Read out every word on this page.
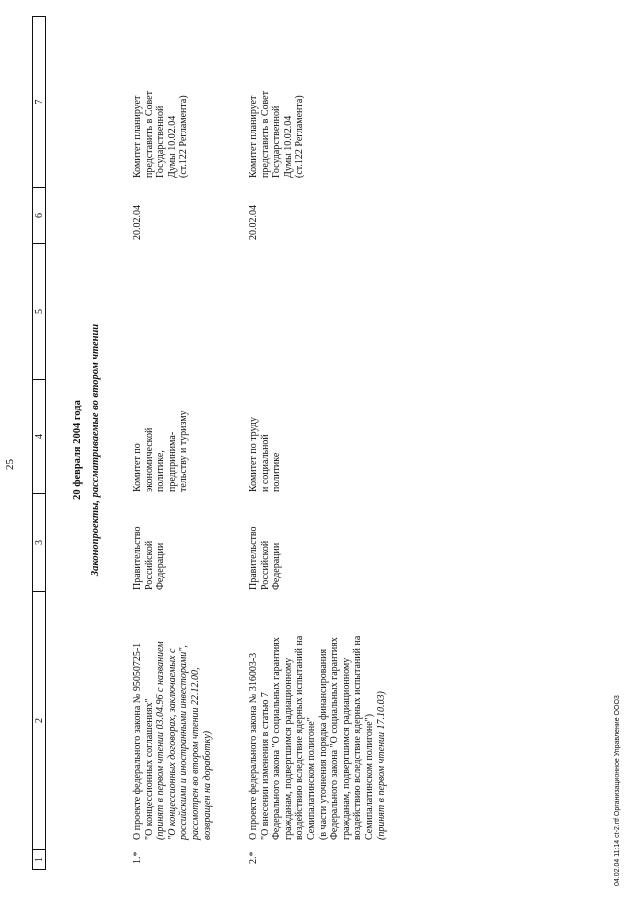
25
1
2
3
4
5
6
7
20 февраля 2004 года Законопроекты, рассматриваемые во втором чтении
1.*
О проекте федерального закона № 95050725-1 "О концессионных соглашениях" (принят в первом чтении 03.04.96 с названием "О концессионных договорах, заключаемых с российскими и иностранными инвесторами", рассмотрен во втором чтении 22.12.00, возвращен на доработку)
Правительство Российской Федерации
Комитет по экономической политике, предпринима- тельству и туризму
20.02.04
Комитет планирует представить в Совет Государственной Думы 10.02.04 (ст.122 Регламента)
2.*
О проекте федерального закона № 316003-3 "О внесении изменения в статью 7 Федерального закона "О социальных гарантиях гражданам, подвергшимся радиационному воздействию вследствие ядерных испытаний на Семипалатинском полигоне" (в части уточнения порядка финансирования Федерального закона "О социальных гарантиях гражданам, подвергшимся радиационному воздействию вследствие ядерных испытаний на Семипалатинском полигоне") (принят в первом чтении 17.10.03)
Правительство Российской Федерации
Комитет по труду и социальной политике
20.02.04
Комитет планирует представить в Совет Государственной Думы 10.02.04 (ст.122 Регламента)
04.02.04 11:14 ct-2.rtf Организационное Управление ООО3
